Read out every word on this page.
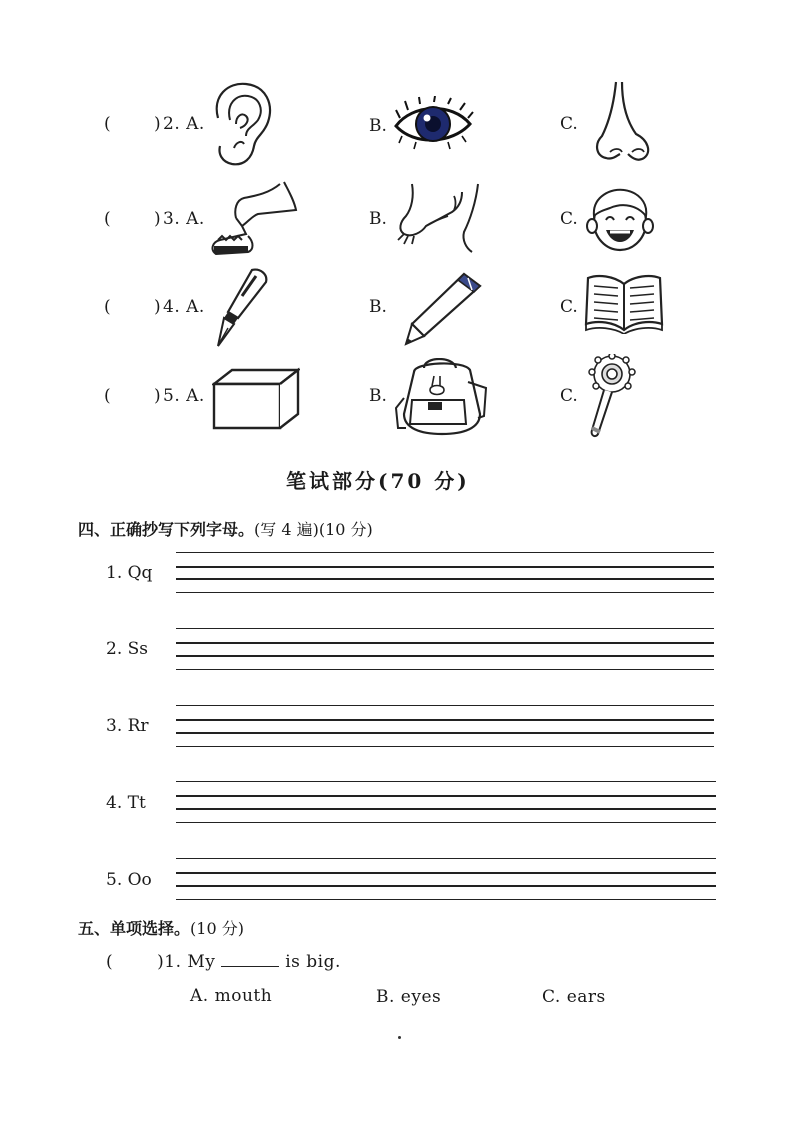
(	) 2. A.	B.	C.
(	) 3. A.	B.	C.
(	) 4. A.	B.	C.
(	) 5. A.	B.	C.
笔试部分(70 分)
四、正确抄写下列字母。(写 4 遍)(10 分)
1. Qq
2. Ss
3. Rr
4. Tt
5. Oo
五、单项选择。(10 分)
(	)1. My	is big.
A. mouth	B. eyes	C. ears
